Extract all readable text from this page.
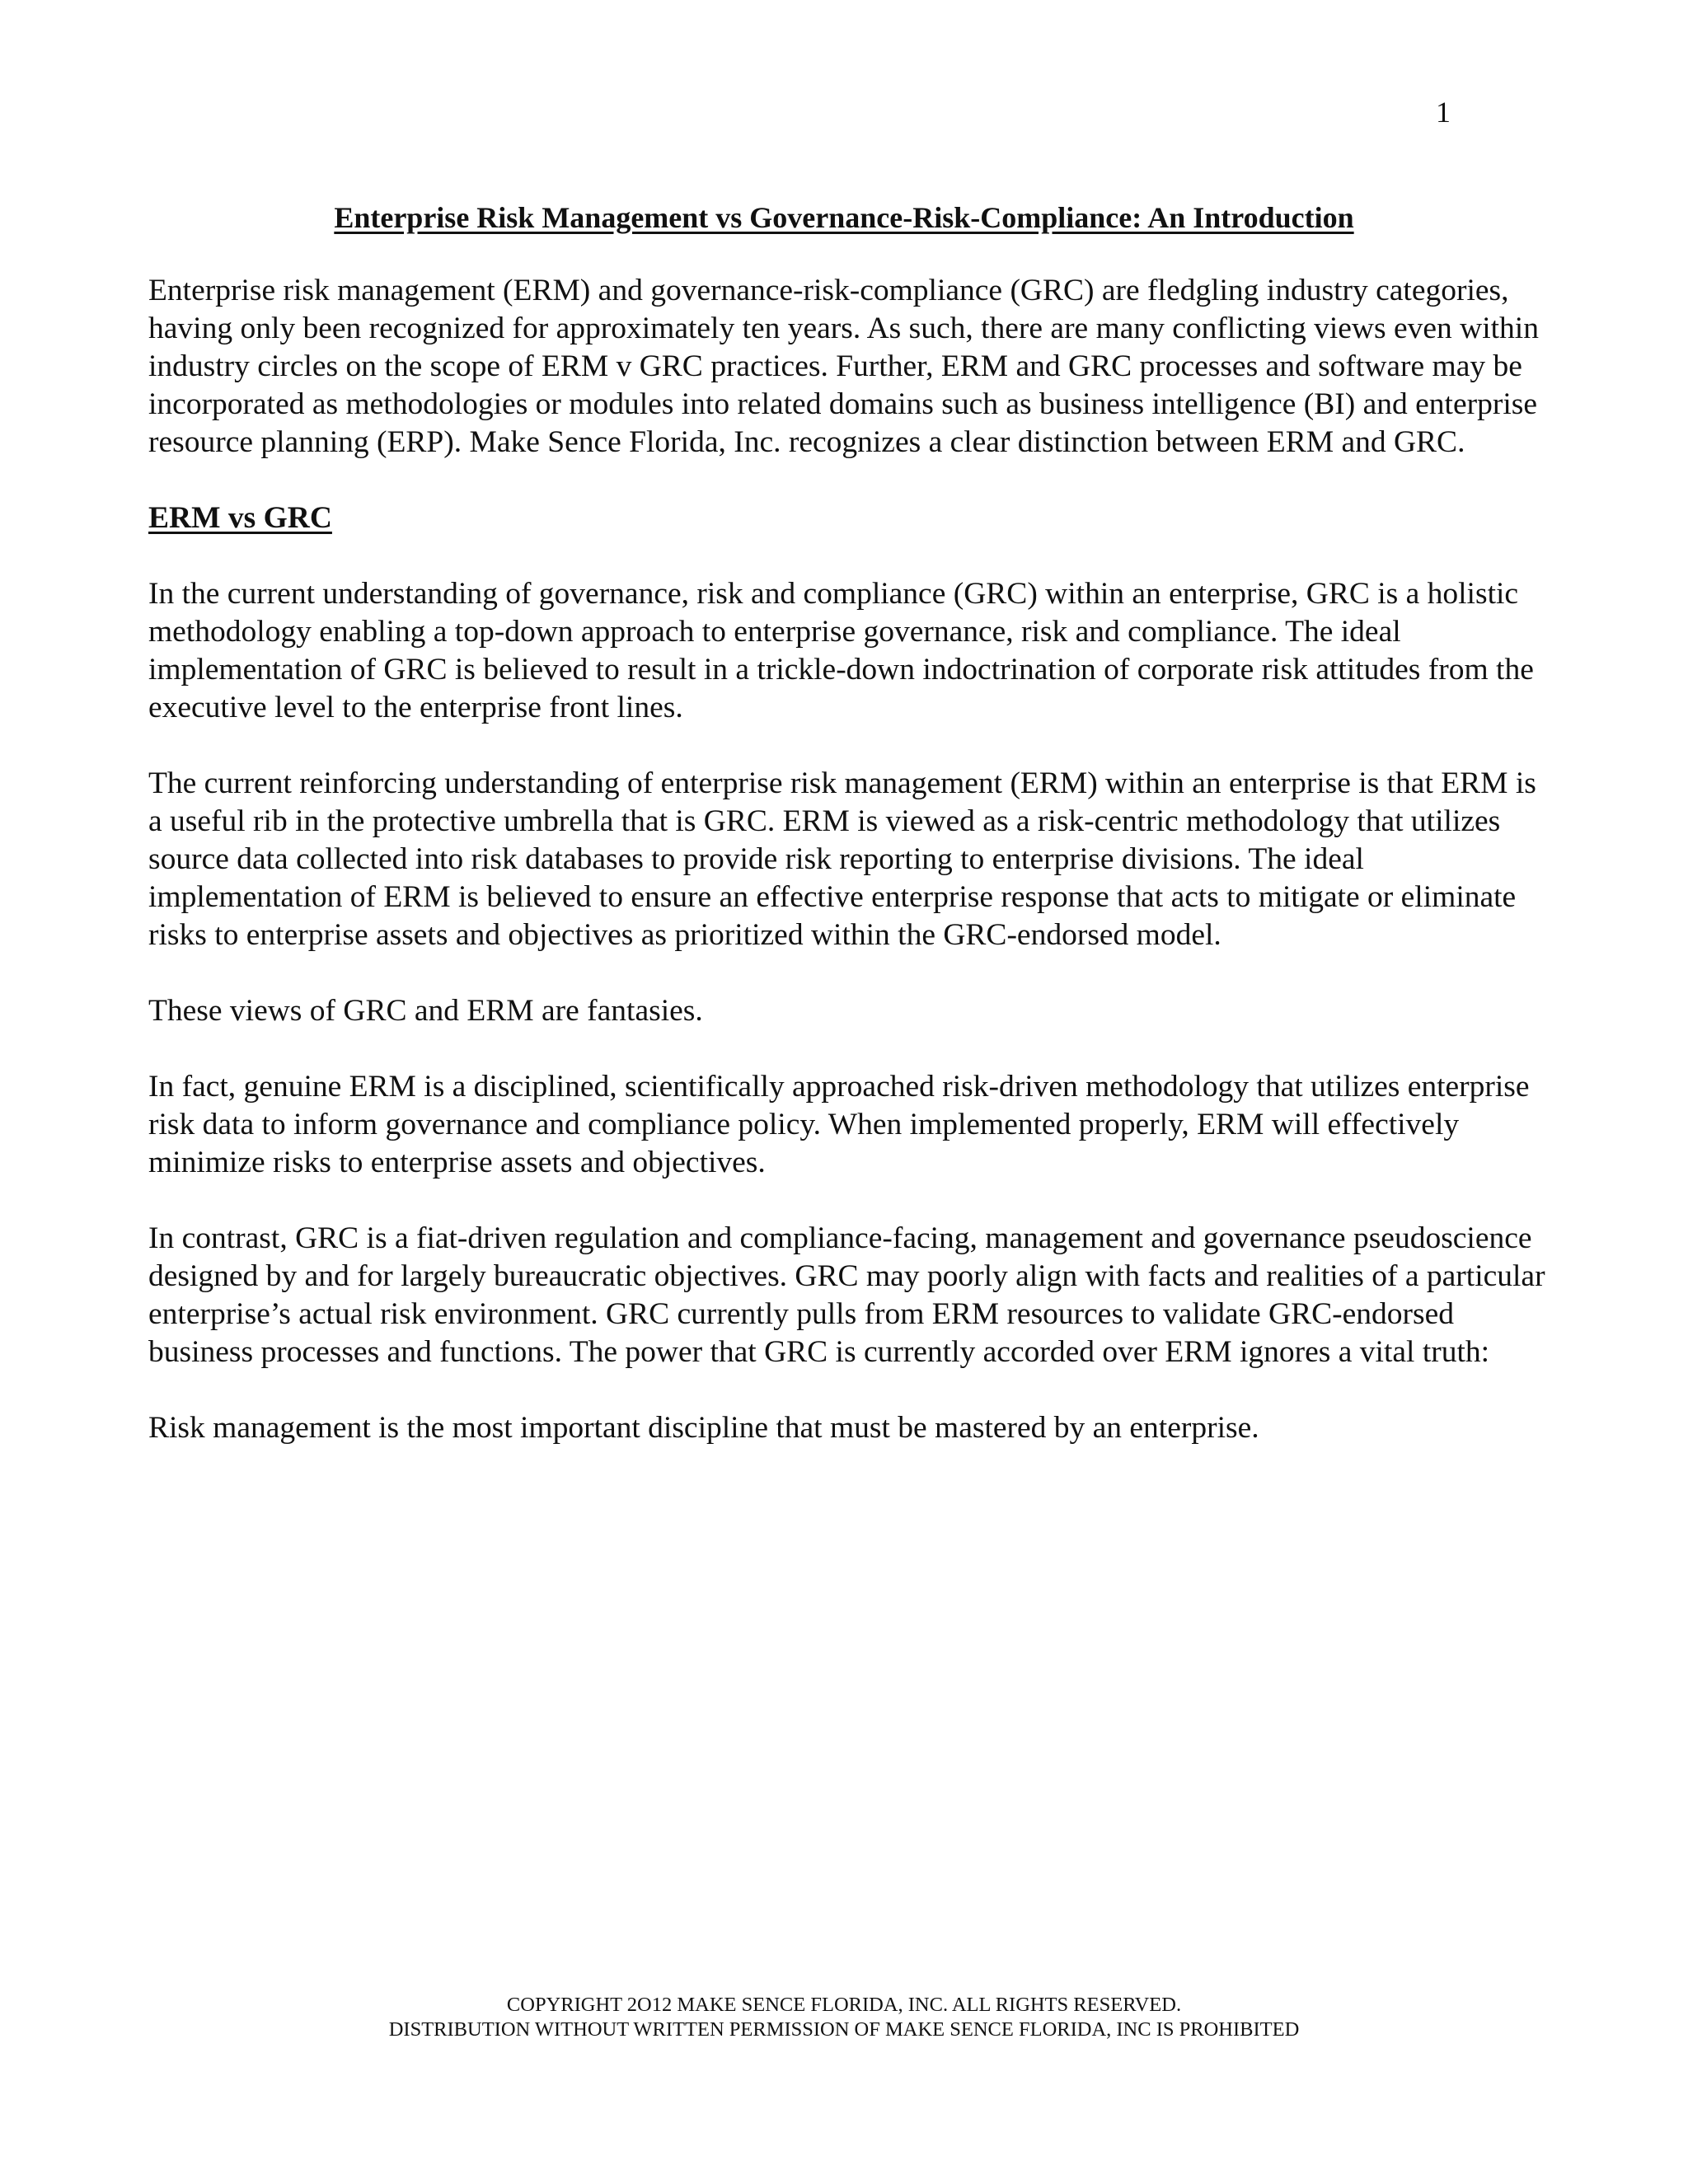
1
Enterprise Risk Management vs Governance-Risk-Compliance: An Introduction

Enterprise risk management (ERM) and governance-risk-compliance (GRC) are fledgling industry categories, having only been recognized for approximately ten years. As such, there are many conflicting views even within industry circles on the scope of ERM v GRC practices. Further, ERM and GRC processes and software may be incorporated as methodologies or modules into related domains such as business intelligence (BI) and enterprise resource planning (ERP). Make Sence Florida, Inc. recognizes a clear distinction between ERM and GRC.

ERM vs GRC

In the current understanding of governance, risk and compliance (GRC) within an enterprise, GRC is a holistic methodology enabling a top-down approach to enterprise governance, risk and compliance. The ideal implementation of GRC is believed to result in a trickle-down indoctrination of corporate risk attitudes from the executive level to the enterprise front lines.

The current reinforcing understanding of enterprise risk management (ERM) within an enterprise is that ERM is a useful rib in the protective umbrella that is GRC. ERM is viewed as a risk-centric methodology that utilizes source data collected into risk databases to provide risk reporting to enterprise divisions. The ideal implementation of ERM is believed to ensure an effective enterprise response that acts to mitigate or eliminate risks to enterprise assets and objectives as prioritized within the GRC-endorsed model.

These views of GRC and ERM are fantasies.

In fact, genuine ERM is a disciplined, scientifically approached risk-driven methodology that utilizes enterprise risk data to inform governance and compliance policy. When implemented properly, ERM will effectively minimize risks to enterprise assets and objectives.

In contrast, GRC is a fiat-driven regulation and compliance-facing, management and governance pseudoscience designed by and for largely bureaucratic objectives. GRC may poorly align with facts and realities of a particular enterprise’s actual risk environment. GRC currently pulls from ERM resources to validate GRC-endorsed business processes and functions. The power that GRC is currently accorded over ERM ignores a vital truth:

Risk management is the most important discipline that must be mastered by an enterprise.

COPYRIGHT 2O12 MAKE SENCE FLORIDA, INC. ALL RIGHTS RESERVED.
DISTRIBUTION WITHOUT WRITTEN PERMISSION OF MAKE SENCE FLORIDA, INC IS PROHIBITED
